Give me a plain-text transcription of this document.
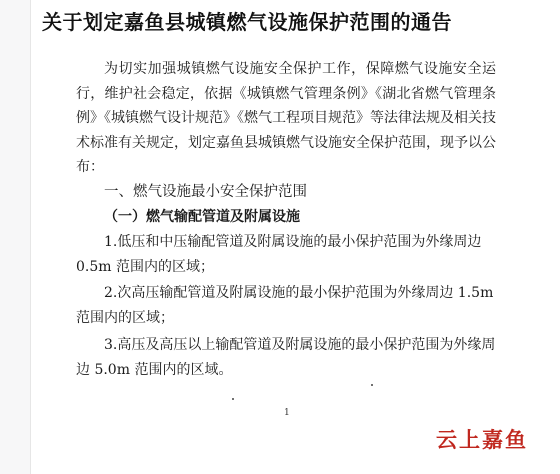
关于划定嘉鱼县城镇燃气设施保护范围的通告

为切实加强城镇燃气设施安全保护工作，保障燃气设施安全运行，维护社会稳定，依据《城镇燃气管理条例》《湖北省燃气管理条例》《城镇燃气设计规范》《燃气工程项目规范》等法律法规及相关技术标准有关规定，划定嘉鱼县城镇燃气设施安全保护范围，现予以公布：

一、燃气设施最小安全保护范围

（一）燃气输配管道及附属设施

1.低压和中压输配管道及附属设施的最小保护范围为外缘周边 0.5m 范围内的区域；

2.次高压输配管道及附属设施的最小保护范围为外缘周边 1.5m 范围内的区域；

3.高压及高压以上输配管道及附属设施的最小保护范围为外缘周边 5.0m 范围内的区域。

1
云上嘉鱼
